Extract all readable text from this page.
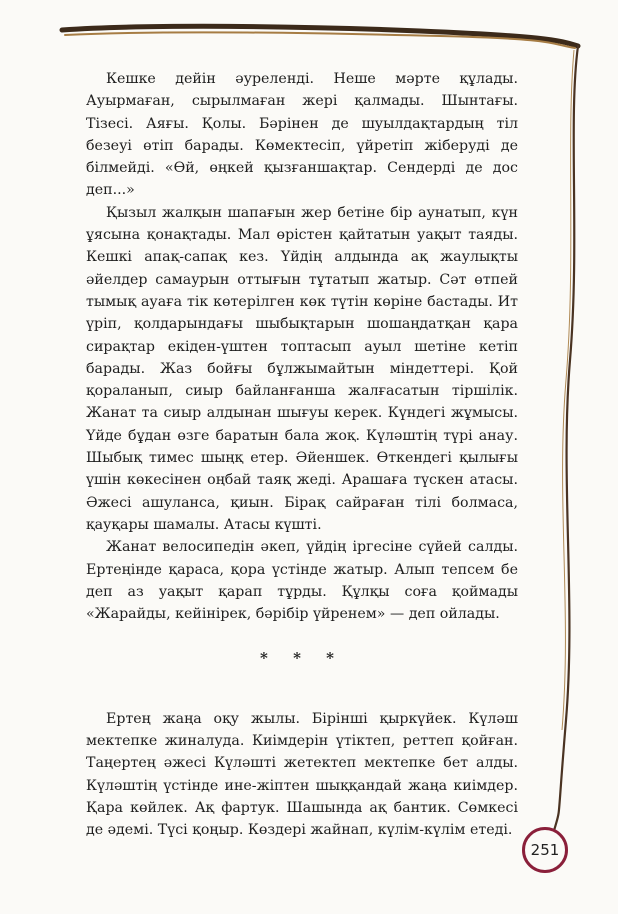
Кешке дейін әуреленді. Неше мәрте құлады. Ауырмаған, сырылмаған жері қалмады. Шынтағы. Тізесі. Аяғы. Қолы. Бәрінен де шуылдақтардың тіл безеуі өтіп барады. Көмектесіп, үйретіп жіберуді де білмейді. «Өй, өңкей қызғаншақтар. Сендерді де дос деп...»

Қызыл жалқын шапағын жер бетіне бір аунатып, күн ұясына қонақтады. Мал өрістен қайтатын уақыт таяды. Кешкі апақ-сапақ кез. Үйдің алдында ақ жаулықты әйелдер самаурын оттығын тұтатып жатыр. Сәт өтпей тымық ауаға тік көтерілген көк түтін көріне бастады. Ит үріп, қолдарындағы шыбықтарын шошаңдатқан қара сирақтар екіден-үштен топтасып ауыл шетіне кетіп барады. Жаз бойғы бұлжымайтын міндеттері. Қой қораланып, сиыр байланғанша жалғасатын тіршілік. Жанат та сиыр алдынан шығуы керек. Күндегі жұмысы. Үйде бұдан өзге баратын бала жоқ. Күләштің түрі анау. Шыбық тимес шыңқ етер. Әйеншек. Өткендегі қылығы үшін көкесінен оңбай таяқ жеді. Арашаға түскен атасы. Әжесі ашуланса, қиын. Бірақ сайраған тілі болмаса, қауқары шамалы. Атасы күшті.

Жанат велосипедін әкеп, үйдің іргесіне сүйей салды. Ертеңінде қараса, қора үстінде жатыр. Алып тепсем бе деп аз уақыт қарап тұрды. Құлқы соға қоймады «Жарайды, кейінірек, бәрібір үйренем» — деп ойлады.

* * *

Ертең жаңа оқу жылы. Бірінші қыркүйек. Күләш мектепке жиналуда. Киімдерін үтіктеп, реттеп қойған. Таңертең әжесі Күләшті жетектеп мектепке бет алды. Күләштің үстінде ине-жіптен шыққандай жаңа киімдер. Қара көйлек. Ақ фартук. Шашында ақ бантик. Сөмкесі де әдемі. Түсі қоңыр. Көздері жайнап, күлім-күлім етеді.

251
